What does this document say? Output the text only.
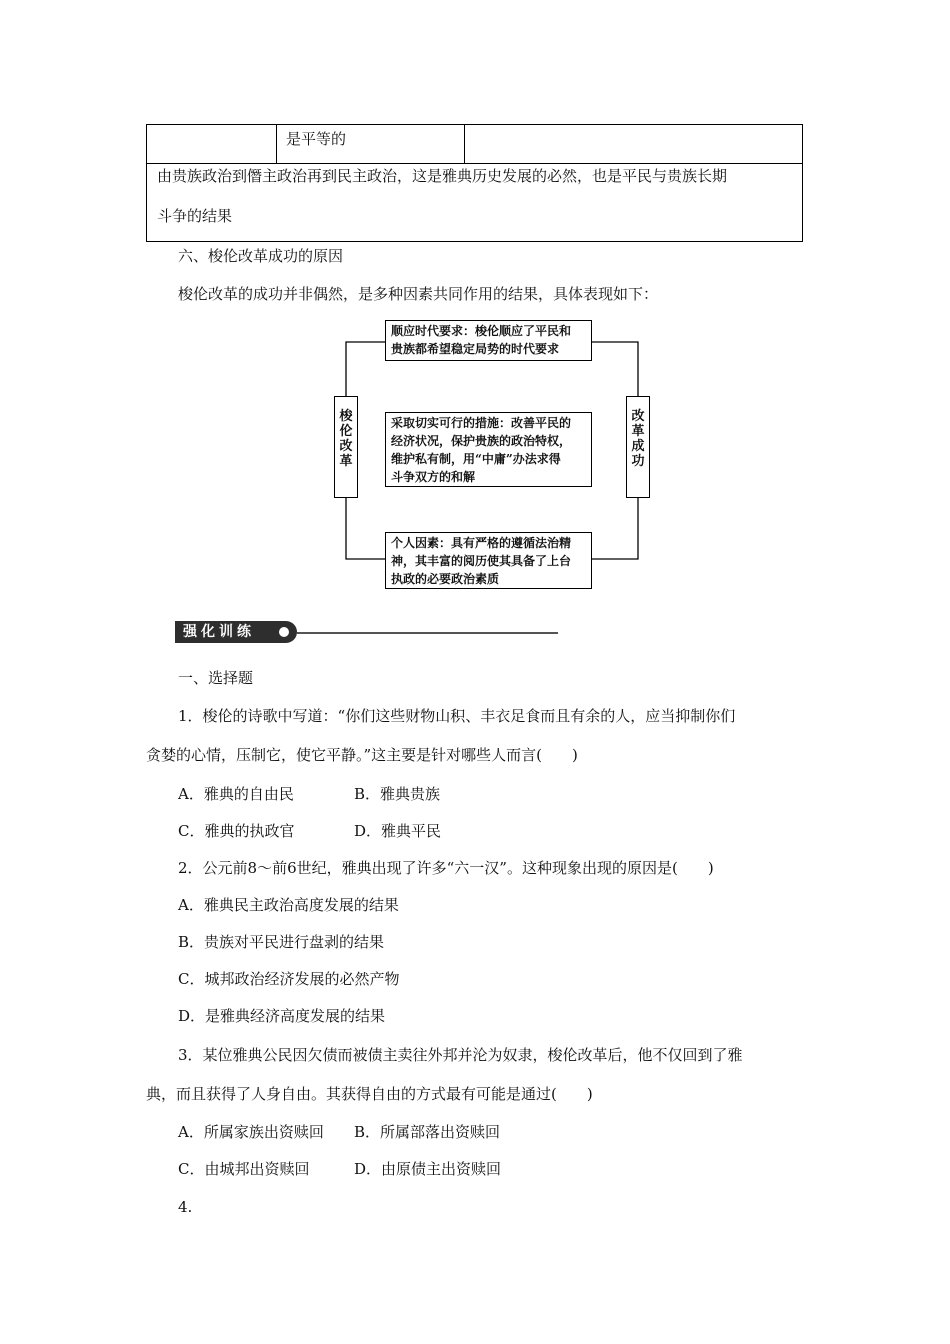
是平等的
由贵族政治到僭主政治再到民主政治，这是雅典历史发展的必然，也是平民与贵族长期
斗争的结果
六、梭伦改革成功的原因
梭伦改革的成功并非偶然，是多种因素共同作用的结果，具体表现如下：
梭
伦
改
革
改
革
成
功
顺应时代要求：梭伦顺应了平民和
贵族都希望稳定局势的时代要求
采取切实可行的措施：改善平民的
经济状况，保护贵族的政治特权，
维护私有制，用“中庸”办法求得
斗争双方的和解
个人因素：具有严格的遵循法治精
神，其丰富的阅历使其具备了上台
执政的必要政治素质
强化训练
一、选择题
1．梭伦的诗歌中写道：“你们这些财物山积、丰衣足食而且有余的人，应当抑制你们
贪婪的心情，压制它，使它平静。”这主要是针对哪些人而言(　　)
A．雅典的自由民	B．雅典贵族
C．雅典的执政官	D．雅典平民
2．公元前8～前6世纪，雅典出现了许多“六一汉”。这种现象出现的原因是(　　)
A．雅典民主政治高度发展的结果
B．贵族对平民进行盘剥的结果
C．城邦政治经济发展的必然产物
D．是雅典经济高度发展的结果
3．某位雅典公民因欠债而被债主卖往外邦并沦为奴隶，梭伦改革后，他不仅回到了雅
典，而且获得了人身自由。其获得自由的方式最有可能是通过(　　)
A．所属家族出资赎回 B．所属部落出资赎回
C．由城邦出资赎回	D．由原债主出资赎回
4.
